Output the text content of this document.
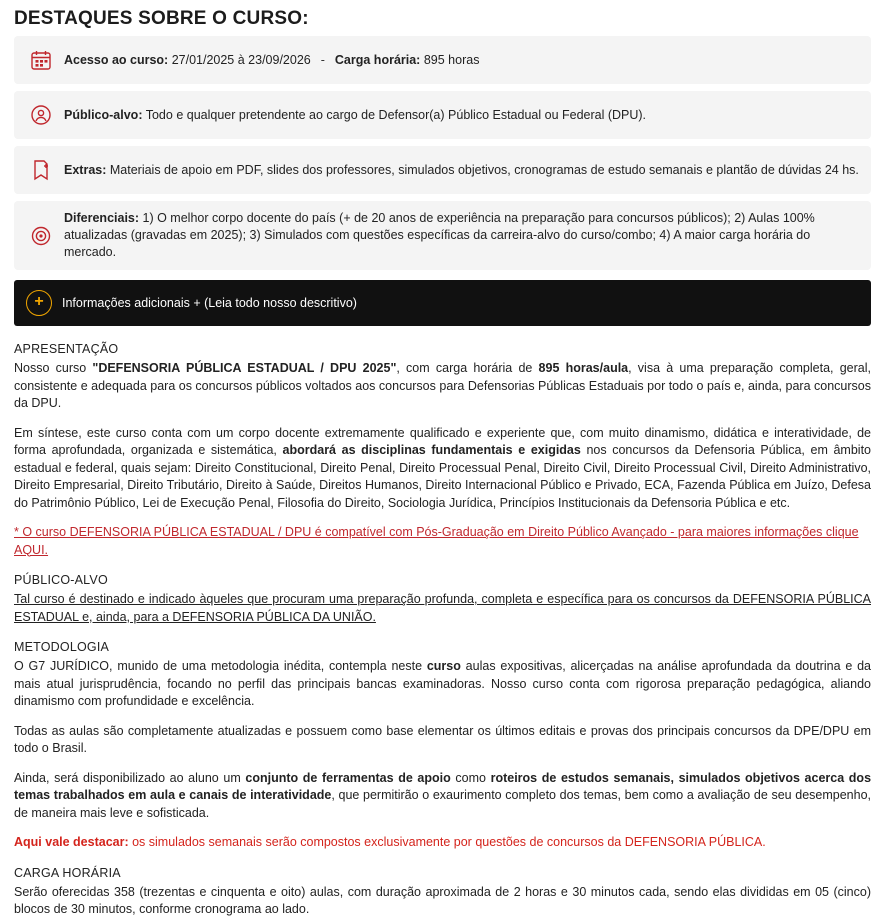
DESTAQUES SOBRE O CURSO:
Acesso ao curso: 27/01/2025 à 23/09/2026 - Carga horária: 895 horas
Público-alvo: Todo e qualquer pretendente ao cargo de Defensor(a) Público Estadual ou Federal (DPU).
Extras: Materiais de apoio em PDF, slides dos professores, simulados objetivos, cronogramas de estudo semanais e plantão de dúvidas 24 hs.
Diferenciais: 1) O melhor corpo docente do país (+ de 20 anos de experiência na preparação para concursos públicos); 2) Aulas 100% atualizadas (gravadas em 2025); 3) Simulados com questões específicas da carreira-alvo do curso/combo; 4) A maior carga horária do mercado.
+	Informações adicionais + (Leia todo nosso descritivo)
APRESENTAÇÃO

Nosso curso "DEFENSORIA PÚBLICA ESTADUAL / DPU 2025", com carga horária de 895 horas/aula, visa à uma preparação completa, geral, consistente e adequada para os concursos públicos voltados aos concursos para Defensorias Públicas Estaduais por todo o país e, ainda, para concursos da DPU.

Em síntese, este curso conta com um corpo docente extremamente qualificado e experiente que, com muito dinamismo, didática e interatividade, de forma aprofundada, organizada e sistemática, abordará as disciplinas fundamentais e exigidas nos concursos da Defensoria Pública, em âmbito estadual e federal, quais sejam: Direito Constitucional, Direito Penal, Direito Processual Penal, Direito Civil, Direito Processual Civil, Direito Administrativo, Direito Empresarial, Direito Tributário, Direito à Saúde, Direitos Humanos, Direito Internacional Público e Privado, ECA, Fazenda Pública em Juízo, Defesa do Patrimônio Público, Lei de Execução Penal, Filosofia do Direito, Sociologia Jurídica, Princípios Institucionais da Defensoria Pública e etc.

* O curso DEFENSORIA PÚBLICA ESTADUAL / DPU é compatível com Pós-Graduação em Direito Público Avançado - para maiores informações clique AQUI.
PÚBLICO-ALVO
Tal curso é destinado e indicado àqueles que procuram uma preparação profunda, completa e específica para os concursos da DEFENSORIA PÚBLICA ESTADUAL e, ainda, para a DEFENSORIA PÚBLICA DA UNIÃO.
METODOLOGIA

O G7 JURÍDICO, munido de uma metodologia inédita, contempla neste curso aulas expositivas, alicerçadas na análise aprofundada da doutrina e da mais atual jurisprudência, focando no perfil das principais bancas examinadoras. Nosso curso conta com rigorosa preparação pedagógica, aliando dinamismo com profundidade e excelência.

Todas as aulas são completamente atualizadas e possuem como base elementar os últimos editais e provas dos principais concursos da DPE/DPU em todo o Brasil.

Ainda, será disponibilizado ao aluno um conjunto de ferramentas de apoio como roteiros de estudos semanais, simulados objetivos acerca dos temas trabalhados em aula e canais de interatividade, que permitirão o exaurimento completo dos temas, bem como a avaliação de seu desempenho, de maneira mais leve e sofisticada.

Aqui vale destacar: os simulados semanais serão compostos exclusivamente por questões de concursos da DEFENSORIA PÚBLICA.

CARGA HORÁRIA

Serão oferecidas 358 (trezentas e cinquenta e oito) aulas, com duração aproximada de 2 horas e 30 minutos cada, sendo elas divididas em 05 (cinco) blocos de 30 minutos, conforme cronograma ao lado.
